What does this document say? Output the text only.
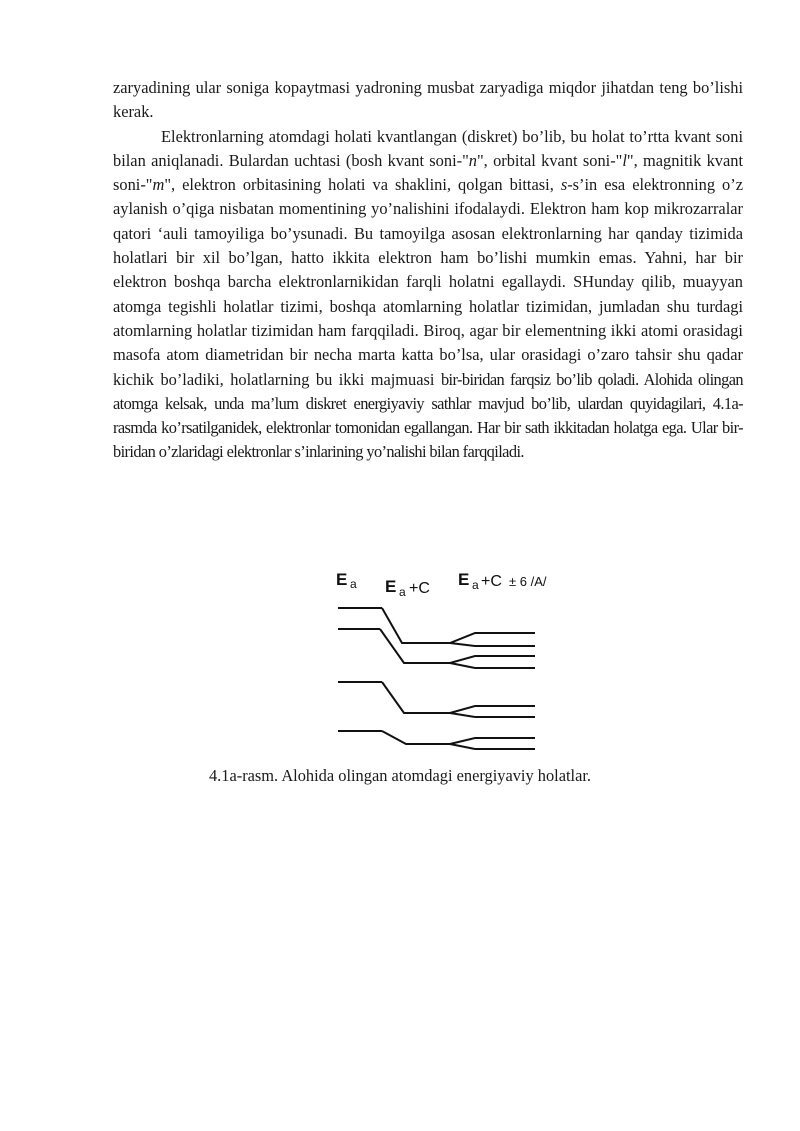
zaryadining ular soniga kopaytmasi yadroning musbat zaryadiga miqdor jihatdan teng bo’lishi kerak.

Elektronlarning atomdagi holati kvantlangan (diskret) bo’lib, bu holat to’rtta kvant soni bilan aniqlanadi. Bulardan uchtasi (bosh kvant soni-"n", orbital kvant soni-"l", magnitik kvant soni-"m", elektron orbitasining holati va shaklini, qolgan bittasi, s-s’in esa elektronning o’z aylanish o’qiga nisbatan momentining yo’nalishini ifodalaydi. Elektron ham kop mikrozarralar qatori ‘auli tamoyiliga bo’ysunadi. Bu tamoyilga asosan elektronlarning har qanday tizimida holatlari bir xil bo’lgan, hatto ikkita elektron ham bo’lishi mumkin emas. Yahni, har bir elektron boshqa barcha elektronlarnikidan farqli holatni egallaydi. SHunday qilib, muayyan atomga tegishli holatlar tizimi, boshqa atomlarning holatlar tizimidan, jumladan shu turdagi atomlarning holatlar tizimidan ham farqqiladi. Biroq, agar bir elementning ikki atomi orasidagi masofa atom diametridan bir necha marta katta bo’lsa, ular orasidagi o’zaro tahsir shu qadar kichik bo’ladiki, holatlarning bu ikki majmuasi bir-biridan farqsiz bo’lib qoladi. Alohida olingan atomga kelsak, unda ma’lum diskret energiyaviy sathlar mavjud bo’lib, ulardan quyidagilari, 4.1a-rasmda ko’rsatilganidek, elektronlar tomonidan egallangan. Har bir sath ikkitadan holatga ega. Ular bir-biridan o’zlaridagi elektronlar s’inlarining yo’nalishi bilan farqqiladi.

E a E a +C E a +C ± 6 /A/
4.1a-rasm. Alohida olingan atomdagi energiyaviy holatlar.
